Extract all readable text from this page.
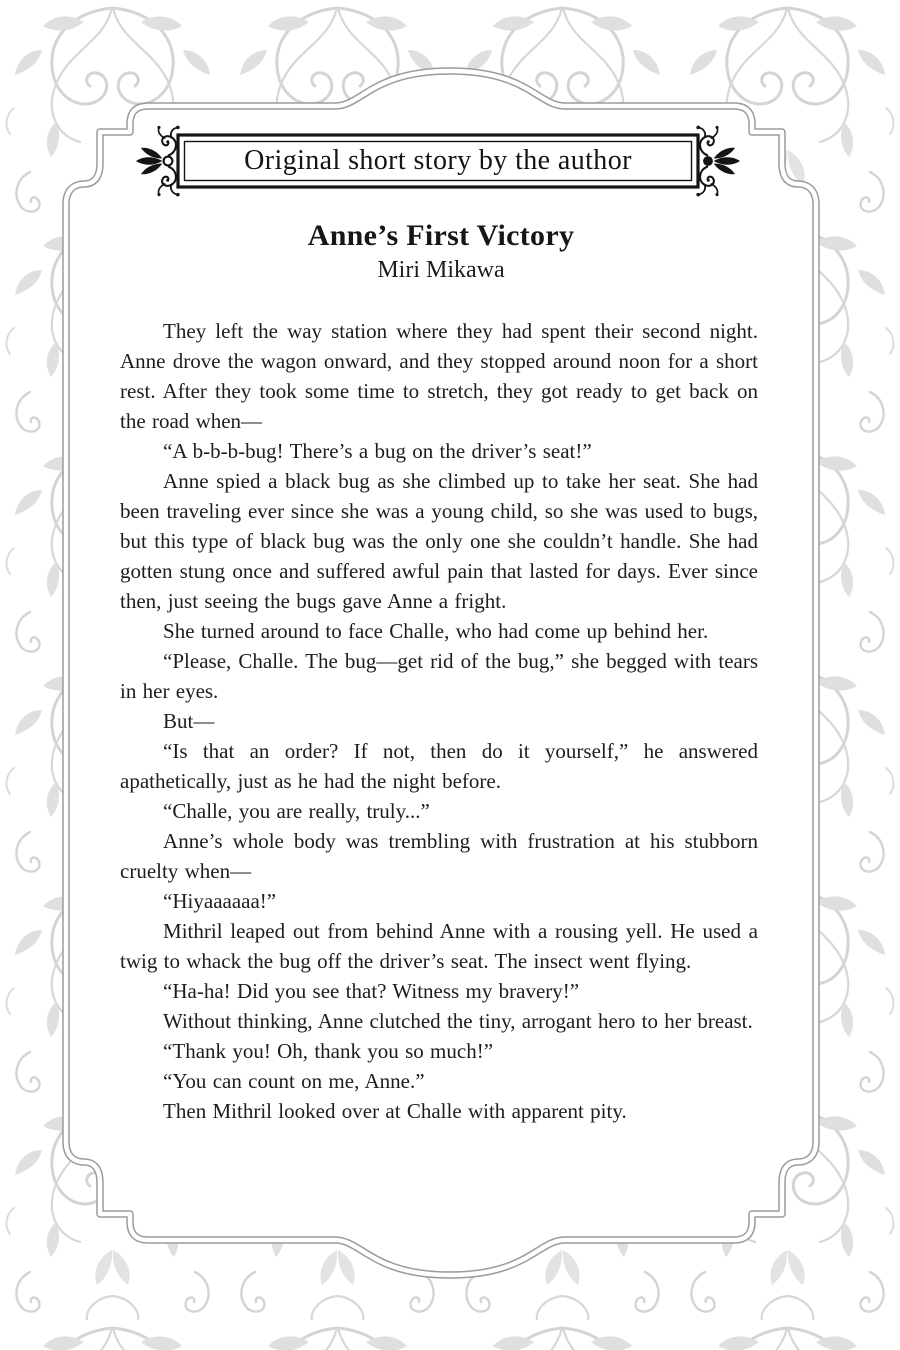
Original short story by the author
Anne’s First Victory
Miri Mikawa

They left the way station where they had spent their second night. Anne drove the wagon onward, and they stopped around noon for a short rest. After they took some time to stretch, they got ready to get back on the road when—

“A b-b-b-bug! There’s a bug on the driver’s seat!”

Anne spied a black bug as she climbed up to take her seat. She had been traveling ever since she was a young child, so she was used to bugs, but this type of black bug was the only one she couldn’t handle. She had gotten stung once and suffered awful pain that lasted for days. Ever since then, just seeing the bugs gave Anne a fright.

She turned around to face Challe, who had come up behind her.

“Please, Challe. The bug—get rid of the bug,” she begged with tears in her eyes.

But—

“Is that an order? If not, then do it yourself,” he answered apathetically, just as he had the night before.

“Challe, you are really, truly...”

Anne’s whole body was trembling with frustration at his stubborn cruelty when—

“Hiyaaaaaa!”

Mithril leaped out from behind Anne with a rousing yell. He used a twig to whack the bug off the driver’s seat. The insect went flying.

“Ha-ha! Did you see that? Witness my bravery!”

Without thinking, Anne clutched the tiny, arrogant hero to her breast.

“Thank you! Oh, thank you so much!”

“You can count on me, Anne.”

Then Mithril looked over at Challe with apparent pity.
